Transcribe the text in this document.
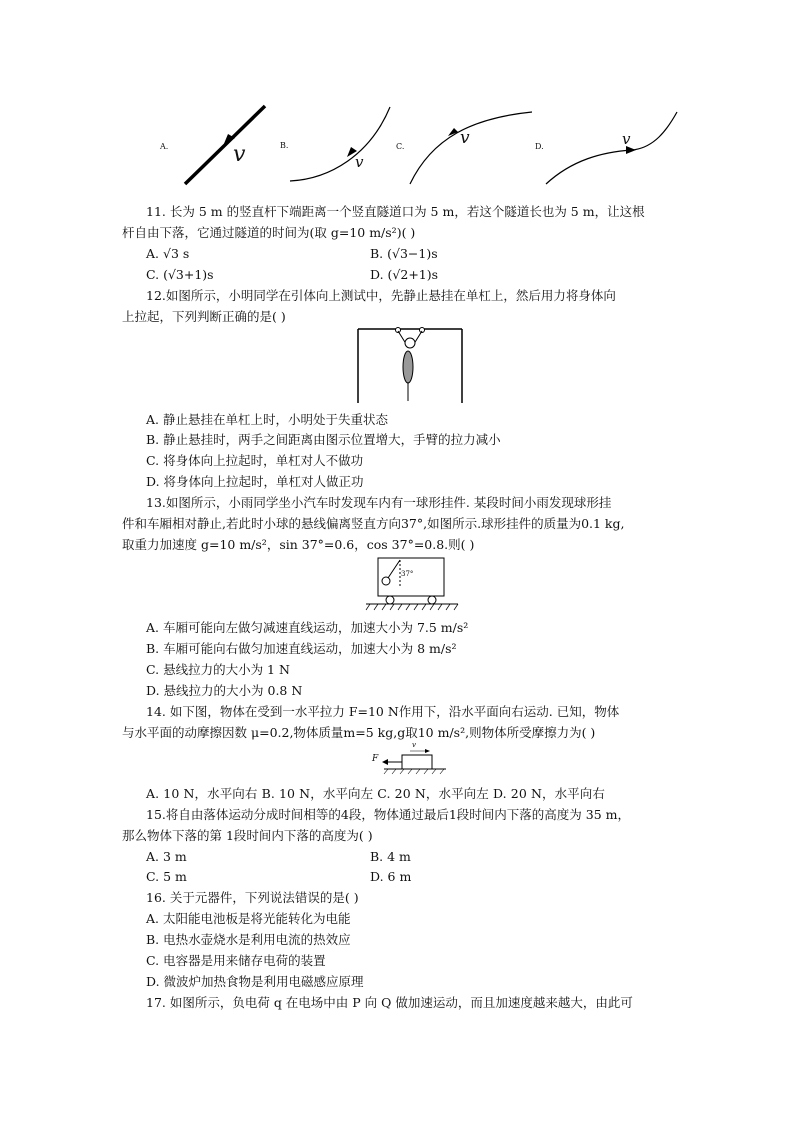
A.	v	B.
v
C.	v	D.	v
11. 长为 5 m 的竖直杆下端距离一个竖直隧道口为 5 m，若这个隧道长也为 5 m，让这根
杆自由下落，它通过隧道的时间为(取 g=10 m/s²)( )
A. √3 s	B. (√3−1)s
C. (√3+1)s	D. (√2+1)s
12.如图所示，小明同学在引体向上测试中，先静止悬挂在单杠上，然后用力将身体向
上拉起，下列判断正确的是( )
A. 静止悬挂在单杠上时，小明处于失重状态
B. 静止悬挂时，两手之间距离由图示位置增大，手臂的拉力减小
C. 将身体向上拉起时，单杠对人不做功
D. 将身体向上拉起时，单杠对人做正功
13.如图所示，小雨同学坐小汽车时发现车内有一球形挂件. 某段时间小雨发现球形挂
件和车厢相对静止,若此时小球的悬线偏离竖直方向37°,如图所示.球形挂件的质量为0.1 kg,
取重力加速度 g=10 m/s²，sin 37°=0.6，cos 37°=0.8.则( )
37°
A. 车厢可能向左做匀减速直线运动，加速大小为 7.5 m/s²
B. 车厢可能向右做匀加速直线运动，加速大小为 8 m/s²
C. 悬线拉力的大小为 1 N
D. 悬线拉力的大小为 0.8 N
14. 如下图，物体在受到一水平拉力 F=10 N作用下，沿水平面向右运动. 已知，物体
与水平面的动摩擦因数 μ=0.2,物体质量m=5 kg,g取10 m/s²,则物体所受摩擦力为( )
F
v
A. 10 N，水平向右 B. 10 N，水平向左 C. 20 N，水平向左 D. 20 N，水平向右
15.将自由落体运动分成时间相等的4段，物体通过最后1段时间内下落的高度为 35 m，
那么物体下落的第 1段时间内下落的高度为( )
A. 3 m	B. 4 m
C. 5 m	D. 6 m
16. 关于元器件，下列说法错误的是( )
A. 太阳能电池板是将光能转化为电能
B. 电热水壶烧水是利用电流的热效应
C. 电容器是用来储存电荷的装置
D. 微波炉加热食物是利用电磁感应原理
17. 如图所示，负电荷 q 在电场中由 P 向 Q 做加速运动，而且加速度越来越大，由此可
